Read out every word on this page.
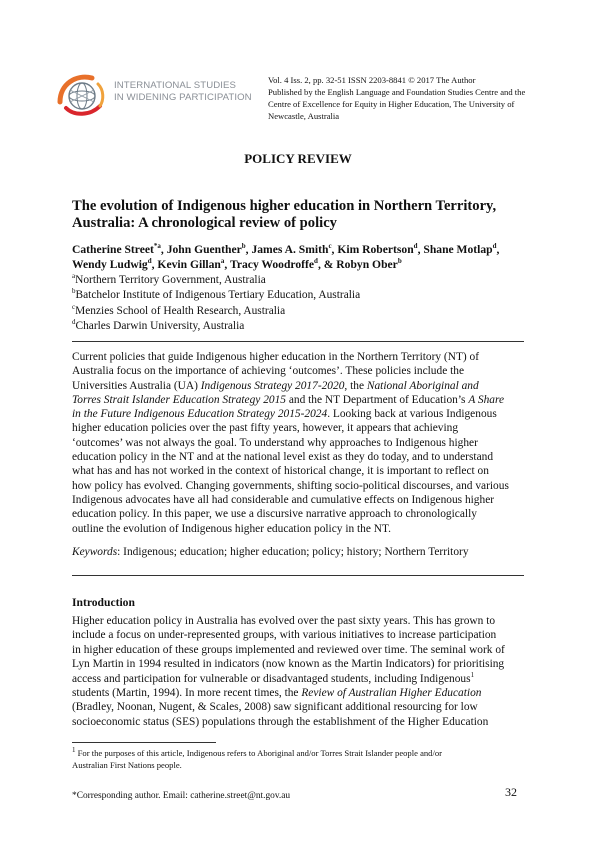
INTERNATIONAL STUDIES
IN WIDENING PARTICIPATION
Vol. 4 Iss. 2, pp. 32-51 ISSN 2203-8841 © 2017 The Author
Published by the English Language and Foundation Studies Centre and the
Centre of Excellence for Equity in Higher Education, The University of
Newcastle, Australia
POLICY REVIEW
The evolution of Indigenous higher education in Northern Territory,
Australia: A chronological review of policy
Catherine Street$^{*a}$, John Guenther$^b$, James A. Smith$^c$, Kim Robertson$^d$, Shane Motlap$^d$,
Wendy Ludwig$^d$, Kevin Gillan$^a$, Tracy Woodroffe$^d$, & Robyn Ober$^b$
$^a$Northern Territory Government, Australia
$^b$Batchelor Institute of Indigenous Tertiary Education, Australia
$^c$Menzies School of Health Research, Australia
$^d$Charles Darwin University, Australia
Current policies that guide Indigenous higher education in the Northern Territory (NT) of
Australia focus on the importance of achieving ‘outcomes’. These policies include the
Universities Australia (UA) Indigenous Strategy 2017-2020, the National Aboriginal and
Torres Strait Islander Education Strategy 2015 and the NT Department of Education’s A Share
in the Future Indigenous Education Strategy 2015-2024. Looking back at various Indigenous
higher education policies over the past fifty years, however, it appears that achieving
‘outcomes’ was not always the goal. To understand why approaches to Indigenous higher
education policy in the NT and at the national level exist as they do today, and to understand
what has and has not worked in the context of historical change, it is important to reflect on
how policy has evolved. Changing governments, shifting socio-political discourses, and various
Indigenous advocates have all had considerable and cumulative effects on Indigenous higher
education policy. In this paper, we use a discursive narrative approach to chronologically
outline the evolution of Indigenous higher education policy in the NT.
Keywords: Indigenous; education; higher education; policy; history; Northern Territory
Introduction
Higher education policy in Australia has evolved over the past sixty years. This has grown to
include a focus on under-represented groups, with various initiatives to increase participation
in higher education of these groups implemented and reviewed over time. The seminal work of
Lyn Martin in 1994 resulted in indicators (now known as the Martin Indicators) for prioritising
access and participation for vulnerable or disadvantaged students, including Indigenous$^1$
students (Martin, 1994). In more recent times, the Review of Australian Higher Education
(Bradley, Noonan, Nugent, & Scales, 2008) saw significant additional resourcing for low
socioeconomic status (SES) populations through the establishment of the Higher Education
$^1$ For the purposes of this article, Indigenous refers to Aboriginal and/or Torres Strait Islander people and/or
Australian First Nations people.
*Corresponding author. Email: catherine.street@nt.gov.au	32
